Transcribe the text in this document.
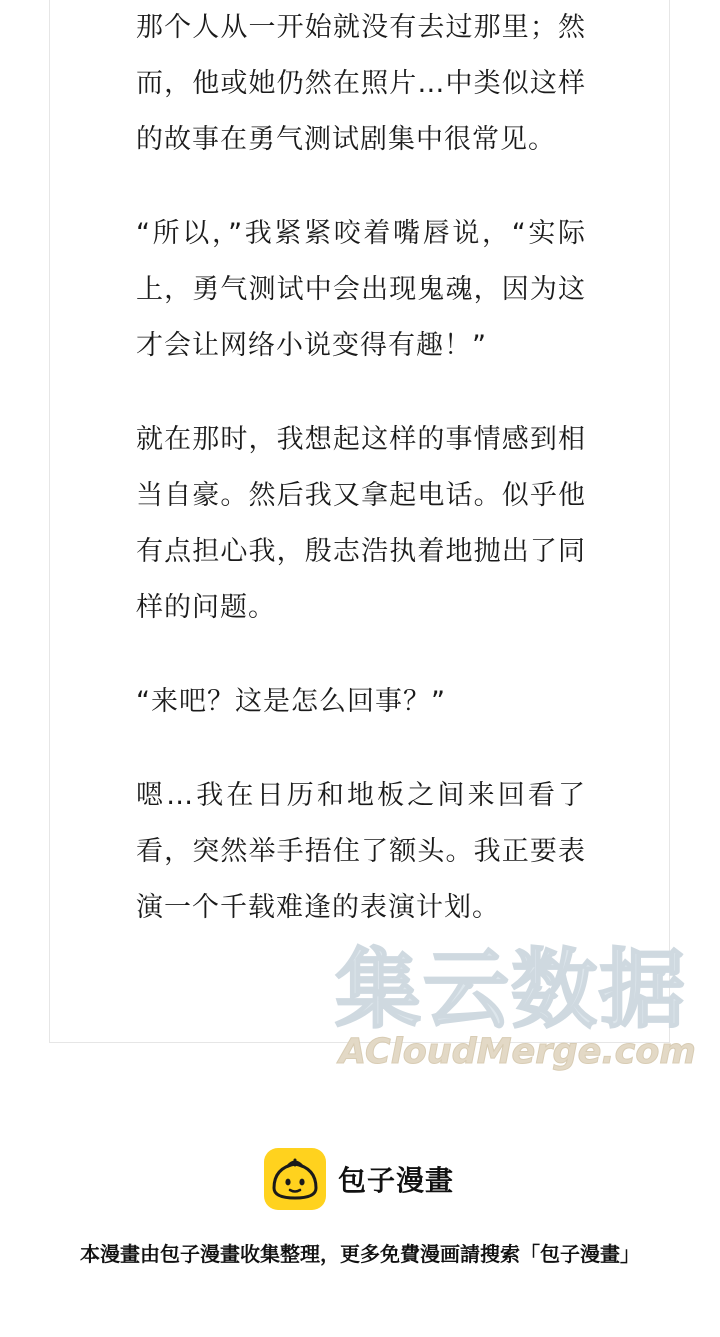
那个人从一开始就没有去过那里；然而，他或她仍然在照片…中类似这样的故事在勇气测试剧集中很常见。

“所以，”我紧紧咬着嘴唇说，“实际上，勇气测试中会出现鬼魂，因为这才会让网络小说变得有趣！”

就在那时，我想起这样的事情感到相当自豪。然后我又拿起电话。似乎他有点担心我，殷志浩执着地抛出了同样的问题。

“来吧？这是怎么回事？”

嗯…我在日历和地板之间来回看了看，突然举手捂住了额头。我正要表演一个千载难逢的表演计划。

集云数据
ACloudMerge.com
包子漫畫
本漫畫由包子漫畫收集整理，更多免費漫画請搜索「包子漫畫」
